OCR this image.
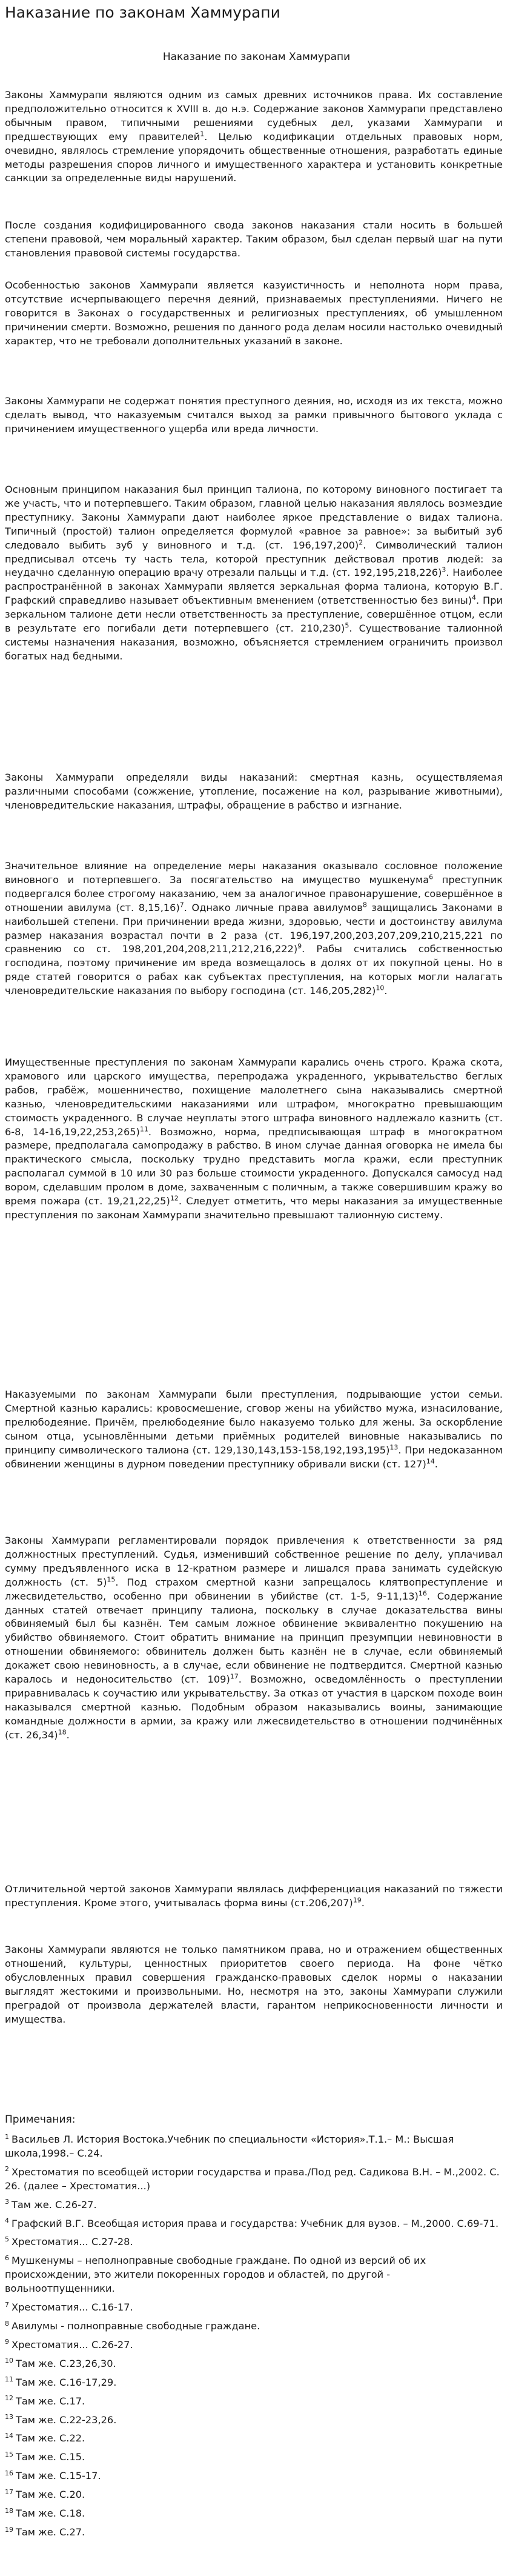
Наказание по законам Хаммурапи
Наказание по законам Хаммурапи

Законы Хаммурапи являются одним из самых древних источников права. Их составление предположительно относится к XVIII в. до н.э. Содержание законов Хаммурапи представлено обычным правом, типичными решениями судебных дел, указами Хаммурапи и предшествующих ему правителей$^1$. Целью кодификации отдельных правовых норм, очевидно, являлось стремление упорядочить общественные отношения, разработать единые методы разрешения споров личного и имущественного характера и установить конкретные санкции за определенные виды нарушений.

После создания кодифицированного свода законов наказания стали носить в большей степени правовой, чем моральный характер. Таким образом, был сделан первый шаг на пути становления правовой системы государства.

Особенностью законов Хаммурапи является казуистичность и неполнота норм права, отсутствие исчерпывающего перечня деяний, признаваемых преступлениями. Ничего не говорится в Законах о государственных и религиозных преступлениях, об умышленном причинении смерти. Возможно, решения по данного рода делам носили настолько очевидный характер, что не требовали дополнительных указаний в законе.

Законы Хаммурапи не содержат понятия преступного деяния, но, исходя из их текста, можно сделать вывод, что наказуемым считался выход за рамки привычного бытового уклада с причинением имущественного ущерба или вреда личности.

Основным принципом наказания был принцип талиона, по которому виновного постигает та же участь, что и потерпевшего. Таким образом, главной целью наказания являлось возмездие преступнику. Законы Хаммурапи дают наиболее яркое представление о видах талиона. Типичный (простой) талион определяется формулой «равное за равное»: за выбитый зуб следовало выбить зуб у виновного и т.д. (ст. 196,197,200)$^2$. Символический талион предписывал отсечь ту часть тела, которой преступник действовал против людей: за неудачно сделанную операцию врачу отрезали пальцы и т.д. (ст. 192,195,218,226)$^3$. Наиболее распространённой в законах Хаммурапи является зеркальная форма талиона, которую В.Г. Графский справедливо называет объективным вменением (ответственностью без вины)$^4$. При зеркальном талионе дети несли ответственность за преступление, совершённое отцом, если в результате его погибали дети потерпевшего (ст. 210,230)$^5$. Существование талионной системы назначения наказания, возможно, объясняется стремлением ограничить произвол богатых над бедными.

Законы Хаммурапи определяли виды наказаний: смертная казнь, осуществляемая различными способами (сожжение, утопление, посажение на кол, разрывание животными), членовредительские наказания, штрафы, обращение в рабство и изгнание.

Значительное влияние на определение меры наказания оказывало сословное положение виновного и потерпевшего. За посягательство на имущество мушкенума$^6$ преступник подвергался более строгому наказанию, чем за аналогичное правонарушение, совершённое в отношении авилума (ст. 8,15,16)$^7$. Однако личные права авилумов$^8$ защищались Законами в наибольшей степени. При причинении вреда жизни, здоровью, чести и достоинству авилума размер наказания возрастал почти в 2 раза (ст. 196,197,200,203,207,209,210,215,221 по сравнению со ст. 198,201,204,208,211,212,216,222)$^9$. Рабы считались собственностью господина, поэтому причинение им вреда возмещалось в долях от их покупной цены. Но в ряде статей говорится о рабах как субъектах преступления, на которых могли налагать членовредительские наказания по выбору господина (ст. 146,205,282)$^{10}$.

Имущественные преступления по законам Хаммурапи карались очень строго. Кража скота, храмового или царского имущества, перепродажа украденного, укрывательство беглых рабов, грабёж, мошенничество, похищение малолетнего сына наказывались смертной казнью, членовредительскими наказаниями или штрафом, многократно превышающим стоимость украденного. В случае неуплаты этого штрафа виновного надлежало казнить (ст. 6-8, 14-16,19,22,253,265)$^{11}$. Возможно, норма, предписывающая штраф в многократном размере, предполагала самопродажу в рабство. В ином случае данная оговорка не имела бы практического смысла, поскольку трудно представить могла кражи, если преступник располагал суммой в 10 или 30 раз больше стоимости украденного. Допускался самосуд над вором, сделавшим пролом в доме, захваченным с поличным, а также совершившим кражу во время пожара (ст. 19,21,22,25)$^{12}$. Следует отметить, что меры наказания за имущественные преступления по законам Хаммурапи значительно превышают талионную систему.

Наказуемыми по законам Хаммурапи были преступления, подрывающие устои семьи. Смертной казнью карались: кровосмешение, сговор жены на убийство мужа, изнасилование, прелюбодеяние. Причём, прелюбодеяние было наказуемо только для жены. За оскорбление сыном отца, усыновлёнными детьми приёмных родителей виновные наказывались по принципу символического талиона (ст. 129,130,143,153-158,192,193,195)$^{13}$. При недоказанном обвинении женщины в дурном поведении преступнику обривали виски (ст. 127)$^{14}$.

Законы Хаммурапи регламентировали порядок привлечения к ответственности за ряд должностных преступлений. Судья, изменивший собственное решение по делу, уплачивал сумму предъявленного иска в 12-кратном размере и лишался права занимать судейскую должность (ст. 5)$^{15}$. Под страхом смертной казни запрещалось клятвопреступление и лжесвидетельство, особенно при обвинении в убийстве (ст. 1-5, 9-11,13)$^{16}$. Содержание данных статей отвечает принципу талиона, поскольку в случае доказательства вины обвиняемый был бы казнён. Тем самым ложное обвинение эквивалентно покушению на убийство обвиняемого. Стоит обратить внимание на принцип презумпции невиновности в отношении обвиняемого: обвинитель должен быть казнён не в случае, если обвиняемый докажет свою невиновность, а в случае, если обвинение не подтвердится. Смертной казнью каралось и недоносительство (ст. 109)$^{17}$. Возможно, осведомлённость о преступлении приравнивалась к соучастию или укрывательству. За отказ от участия в царском походе воин наказывался смертной казнью. Подобным образом наказывались воины, занимающие командные должности в армии, за кражу или лжесвидетельство в отношении подчинённых (ст. 26,34)$^{18}$.

Отличительной чертой законов Хаммурапи являлась дифференциация наказаний по тяжести преступления. Кроме этого, учитывалась форма вины $(ст.206,207)^{19}$.

Законы Хаммурапи являются не только памятником права, но и отражением общественных отношений, культуры, ценностных приоритетов своего периода. На фоне чётко обусловленных правил совершения гражданско-правовых сделок нормы о наказании выглядят жестокими и произвольными. Но, несмотря на это, законы Хаммурапи служили преградой от произвола держателей власти, гарантом неприкосновенности личности и имущества.

Примечания:
$^1$ Васильев Л. История Востока.Учебник по специальности «История».Т.1.– М.: Высшая школа,1998.– С.24.
$^2$ Хрестоматия по всеобщей истории государства и права./Под ред. Садикова В.Н. – М.,2002. С. 26. (далее – Хрестоматия...)
$^3$ Там же. С.26-27.
$^4$ Графский В.Г. Всеобщая история права и государства: Учебник для вузов. – М.,2000. С.69-71.
$^5$ Хрестоматия... С.27-28.
$^6$ Мушкенумы – неполноправные свободные граждане. По одной из версий об их происхождении, это жители покоренных городов и областей, по другой - вольноотпущенники.
$^7$ Хрестоматия... С.16-17.
$^8$ Авилумы - полноправные свободные граждане.
$^9$ Хрестоматия... С.26-27.
$^{10}$ Там же. С.23,26,30.
$^{11}$ Там же. С.16-17,29.
$^{12}$ Там же. С.17.
$^{13}$ Там же. С.22-23,26.
$^{14}$ Там же. С.22.
$^{15}$ Там же. С.15.
$^{16}$ Там же. С.15-17.
$^{17}$ Там же. С.20.
$^{18}$ Там же. С.18.
$^{19}$ Там же. С.27.
